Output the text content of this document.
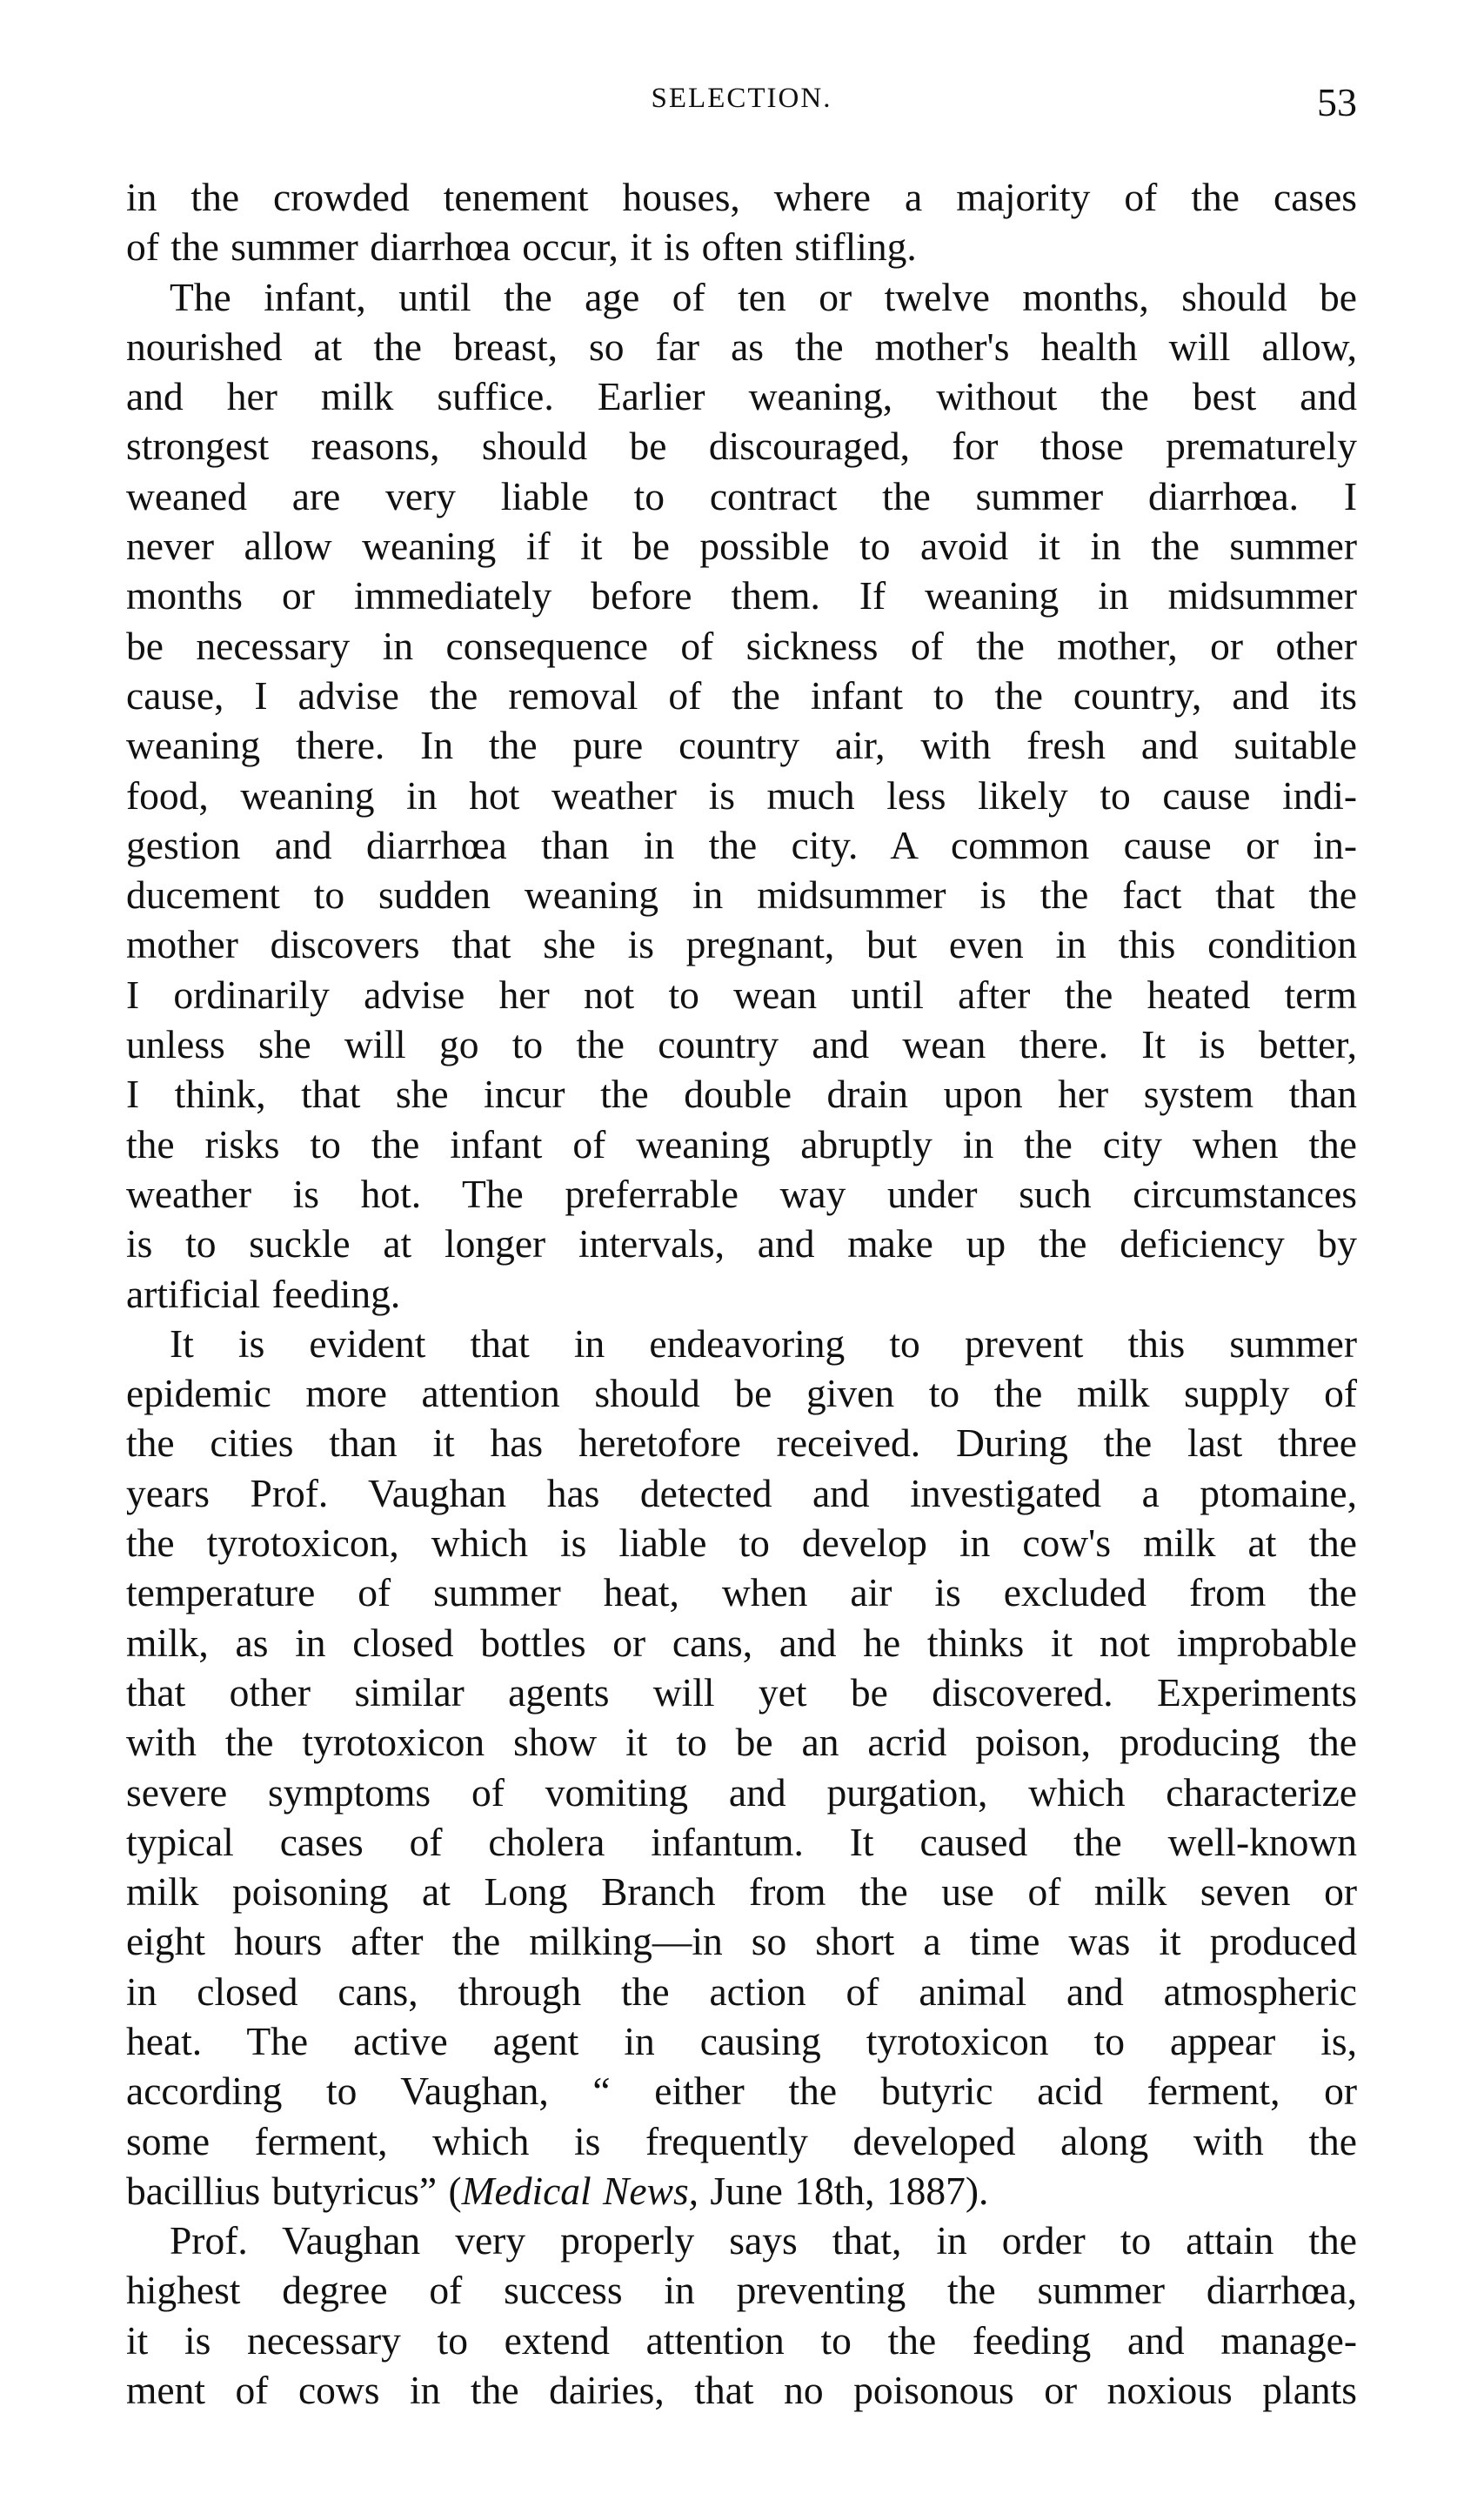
SELECTION.	53
in the crowded tenement houses, where a majority of the cases
of the summer diarrhœa occur, it is often stifling.
The infant, until the age of ten or twelve months, should be
nourished at the breast, so far as the mother's health will allow,
and her milk suffice. Earlier weaning, without the best and
strongest reasons, should be discouraged, for those prematurely
weaned are very liable to contract the summer diarrhœa. I
never allow weaning if it be possible to avoid it in the summer
months or immediately before them. If weaning in midsummer
be necessary in consequence of sickness of the mother, or other
cause, I advise the removal of the infant to the country, and its
weaning there. In the pure country air, with fresh and suitable
food, weaning in hot weather is much less likely to cause indi-
gestion and diarrhœa than in the city. A common cause or in-
ducement to sudden weaning in midsummer is the fact that the
mother discovers that she is pregnant, but even in this condition
I ordinarily advise her not to wean until after the heated term
unless she will go to the country and wean there. It is better,
I think, that she incur the double drain upon her system than
the risks to the infant of weaning abruptly in the city when the
weather is hot. The preferrable way under such circumstances
is to suckle at longer intervals, and make up the deficiency by
artificial feeding.
It is evident that in endeavoring to prevent this summer
epidemic more attention should be given to the milk supply of
the cities than it has heretofore received. During the last three
years Prof. Vaughan has detected and investigated a ptomaine,
the tyrotoxicon, which is liable to develop in cow's milk at the
temperature of summer heat, when air is excluded from the
milk, as in closed bottles or cans, and he thinks it not improbable
that other similar agents will yet be discovered. Experiments
with the tyrotoxicon show it to be an acrid poison, producing the
severe symptoms of vomiting and purgation, which characterize
typical cases of cholera infantum. It caused the well-known
milk poisoning at Long Branch from the use of milk seven or
eight hours after the milking—in so short a time was it produced
in closed cans, through the action of animal and atmospheric
heat. The active agent in causing tyrotoxicon to appear is,
according to Vaughan, “ either the butyric acid ferment, or
some ferment, which is frequently developed along with the
bacillius butyricus” (Medical News, June 18th, 1887).
Prof. Vaughan very properly says that, in order to attain the
highest degree of success in preventing the summer diarrhœa,
it is necessary to extend attention to the feeding and manage-
ment of cows in the dairies, that no poisonous or noxious plants
